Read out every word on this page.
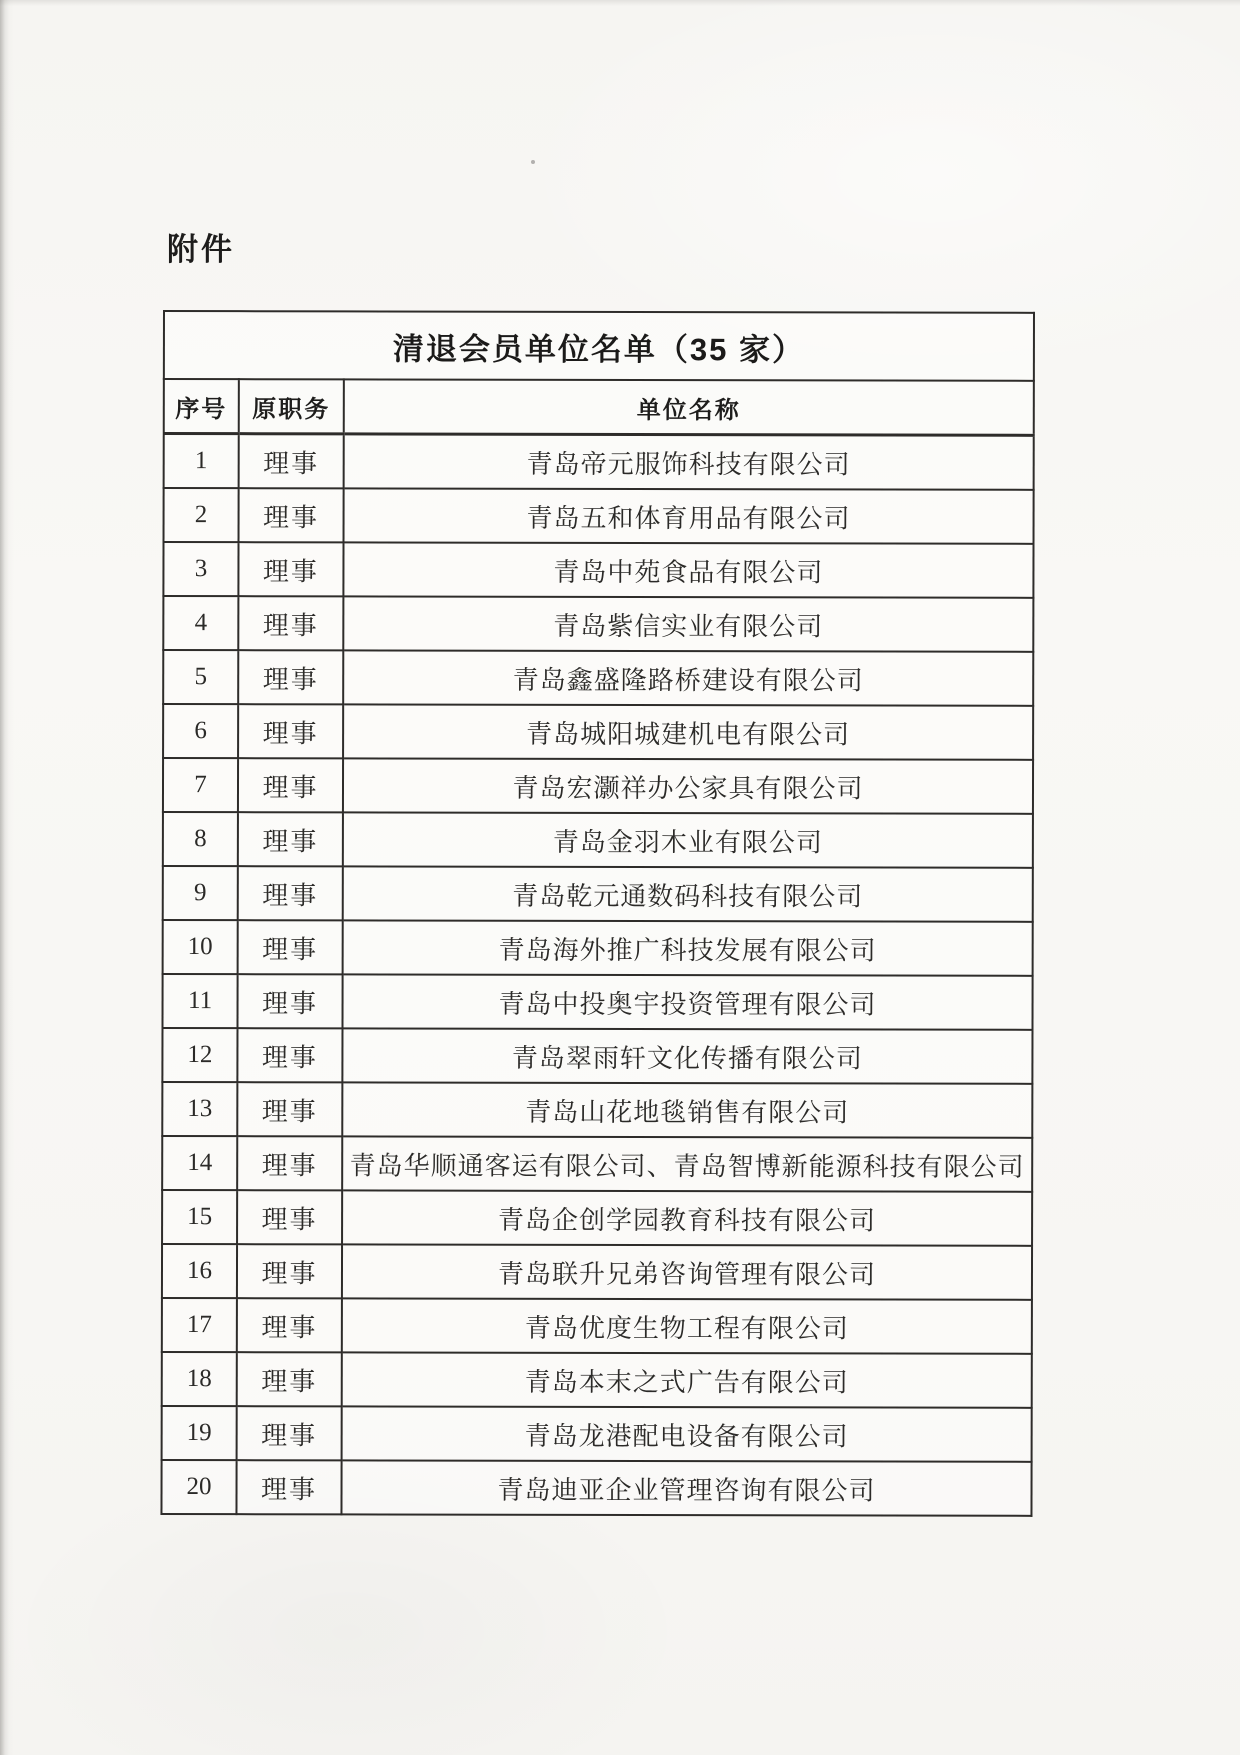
附件
清退会员单位名单（35 家）		
序号	原职务	单位名称
1	理事	青岛帝元服饰科技有限公司
2	理事	青岛五和体育用品有限公司
3	理事	青岛中苑食品有限公司
4	理事	青岛紫信实业有限公司
5	理事	青岛鑫盛隆路桥建设有限公司
6	理事	青岛城阳城建机电有限公司
7	理事	青岛宏灏祥办公家具有限公司
8	理事	青岛金羽木业有限公司
9	理事	青岛乾元通数码科技有限公司
10	理事	青岛海外推广科技发展有限公司
11	理事	青岛中投奥宇投资管理有限公司
12	理事	青岛翠雨轩文化传播有限公司
13	理事	青岛山花地毯销售有限公司
14	理事	青岛华顺通客运有限公司、青岛智博新能源科技有限公司
15	理事	青岛企创学园教育科技有限公司
16	理事	青岛联升兄弟咨询管理有限公司
17	理事	青岛优度生物工程有限公司
18	理事	青岛本末之式广告有限公司
19	理事	青岛龙港配电设备有限公司
20	理事	青岛迪亚企业管理咨询有限公司
